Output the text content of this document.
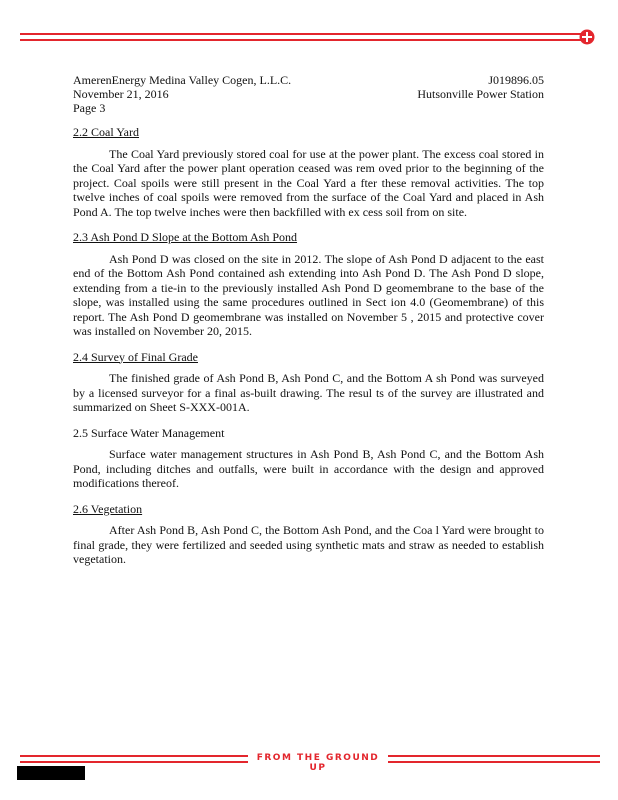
AmerenEnergy Medina Valley Cogen, L.L.C.	J019896.05
November 21, 2016	Hutsonville Power Station
Page 3
2.2 Coal Yard

The Coal Yard previously stored coal for use at the power plant. The excess coal stored in the Coal Yard after the power plant operation ceased was rem oved prior to the beginning of the project. Coal spoils were still present in the Coal Yard a fter these removal activities. The top twelve inches of coal spoils were removed from the surface of the Coal Yard and placed in Ash Pond A. The top twelve inches were then backfilled with ex cess soil from on site.

2.3 Ash Pond D Slope at the Bottom Ash Pond

Ash Pond D was closed on the site in 2012. The slope of Ash Pond D adjacent to the east end of the Bottom Ash Pond contained ash extending into Ash Pond D. The Ash Pond D slope, extending from a tie-in to the previously installed Ash Pond D geomembrane to the base of the slope, was installed using the same procedures outlined in Sect ion 4.0 (Geomembrane) of this report. The Ash Pond D geomembrane was installed on November 5 , 2015 and protective cover was installed on November 20, 2015.

2.4 Survey of Final Grade

The finished grade of Ash Pond B, Ash Pond C, and the Bottom A sh Pond was surveyed by a licensed surveyor for a final as-built drawing. The resul ts of the survey are illustrated and summarized on Sheet S-XXX-001A.

2.5 Surface Water Management

Surface water management structures in Ash Pond B, Ash Pond C, and the Bottom Ash Pond, including ditches and outfalls, were built in accordance with the design and approved modifications thereof.

2.6 Vegetation

After Ash Pond B, Ash Pond C, the Bottom Ash Pond, and the Coa l Yard were brought to final grade, they were fertilized and seeded using synthetic mats and straw as needed to establish vegetation.

FROM THE GROUND UP
